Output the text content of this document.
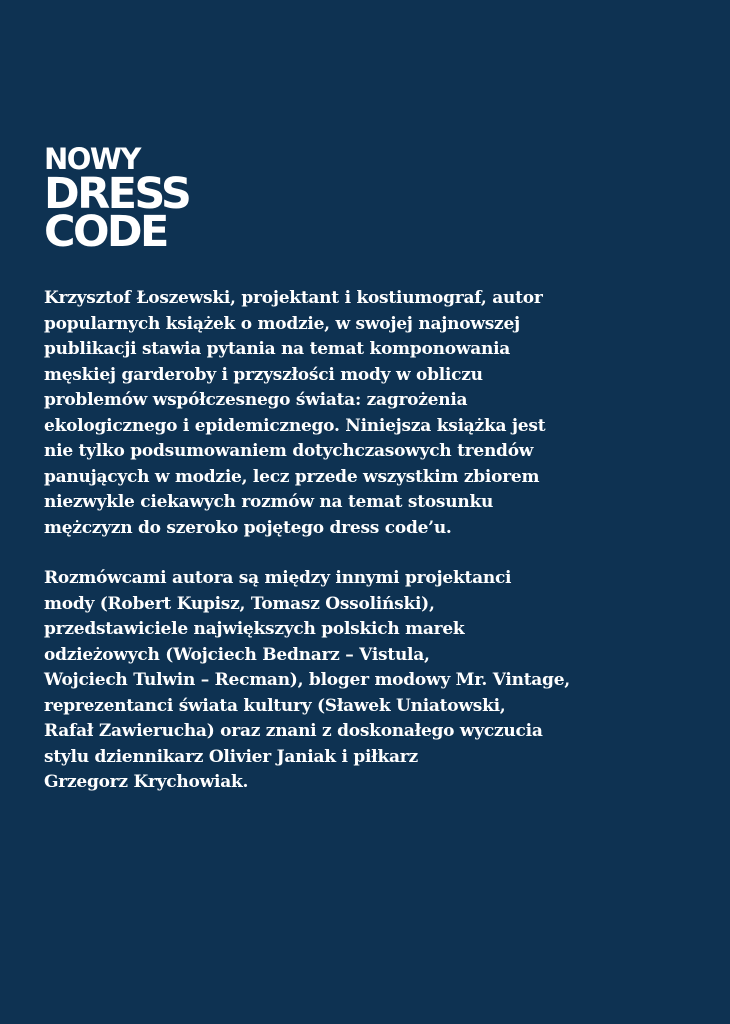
NOWY
DRESS
CODE

Krzysztof Łoszewski, projektant i kostiumograf, autor
popularnych książek o modzie, w swojej najnowszej
publikacji stawia pytania na temat komponowania
męskiej garderoby i przyszłości mody w obliczu
problemów współczesnego świata: zagrożenia
ekologicznego i epidemicznego. Niniejsza książka jest
nie tylko podsumowaniem dotychczasowych trendów
panujących w modzie, lecz przede wszystkim zbiorem
niezwykle ciekawych rozmów na temat stosunku
mężczyzn do szeroko pojętego dress code’u.

Rozmówcami autora są między innymi projektanci
mody (Robert Kupisz, Tomasz Ossoliński),
przedstawiciele największych polskich marek
odzieżowych (Wojciech Bednarz – Vistula,
Wojciech Tulwin – Recman), bloger modowy Mr. Vintage,
reprezentanci świata kultury (Sławek Uniatowski,
Rafał Zawierucha) oraz znani z doskonałego wyczucia
stylu dziennikarz Olivier Janiak i piłkarz
Grzegorz Krychowiak.
